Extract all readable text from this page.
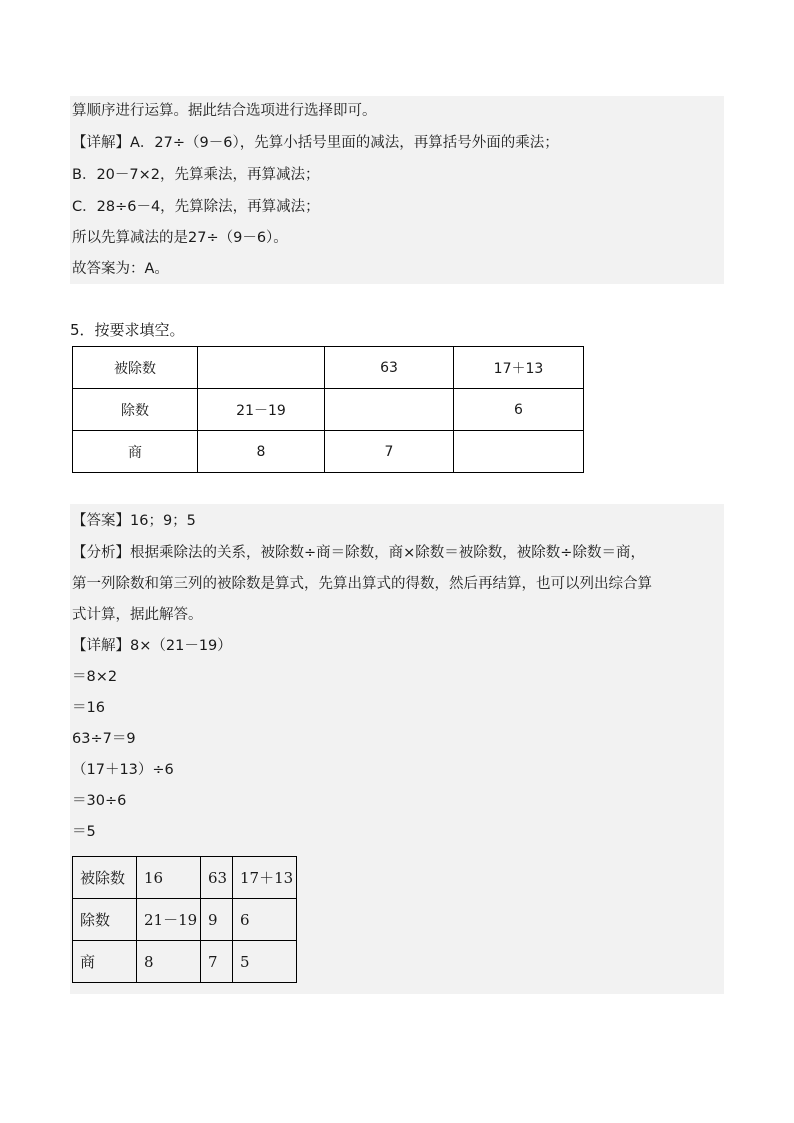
算顺序进行运算。据此结合选项进行选择即可。
【详解】A．27÷（9－6），先算小括号里面的减法，再算括号外面的乘法；
B．20－7×2，先算乘法，再算减法；
C．28÷6－4，先算除法，再算减法；
所以先算减法的是27÷（9－6）。
故答案为：A。
5．按要求填空。
被除数		63	17＋13
除数	21－19		6
商	8	7	
【答案】16；9；5
【分析】根据乘除法的关系，被除数÷商＝除数，商×除数＝被除数，被除数÷除数＝商，
第一列除数和第三列的被除数是算式，先算出算式的得数，然后再结算，也可以列出综合算
式计算，据此解答。
【详解】8×（21－19）
＝8×2
＝16
63÷7＝9
（17＋13）÷6
＝30÷6
＝5
被除数	16	63	17＋13
除数	21－19	9	6
商	8	7	5
